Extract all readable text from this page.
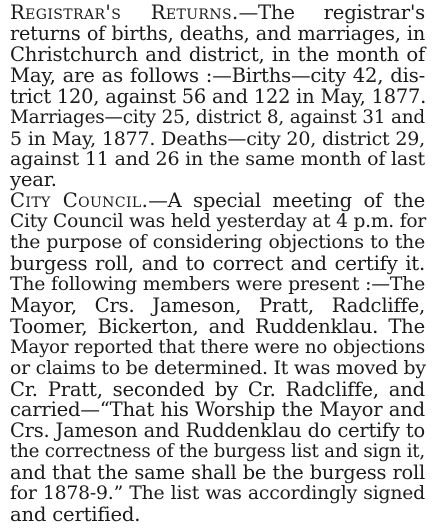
Registrar's Returns.—The registrar's
returns of births, deaths, and marriages, in
Christchurch and district, in the month of
May, are as follows :—Births—city 42, dis-
trict 120, against 56 and 122 in May, 1877.
Marriages—city 25, district 8, against 31 and
5 in May, 1877. Deaths—city 20, district 29,
against 11 and 26 in the same month of last
year.
City Council.—A special meeting of the
City Council was held yesterday at 4 p.m. for
the purpose of considering objections to the
burgess roll, and to correct and certify it.
The following members were present :—The
Mayor, Crs. Jameson, Pratt, Radcliffe,
Toomer, Bickerton, and Ruddenklau. The
Mayor reported that there were no objections
or claims to be determined. It was moved by
Cr. Pratt, seconded by Cr. Radcliffe, and
carried—“That his Worship the Mayor and
Crs. Jameson and Ruddenklau do certify to
the correctness of the burgess list and sign it,
and that the same shall be the burgess roll
for 1878-9.” The list was accordingly signed
and certified.
